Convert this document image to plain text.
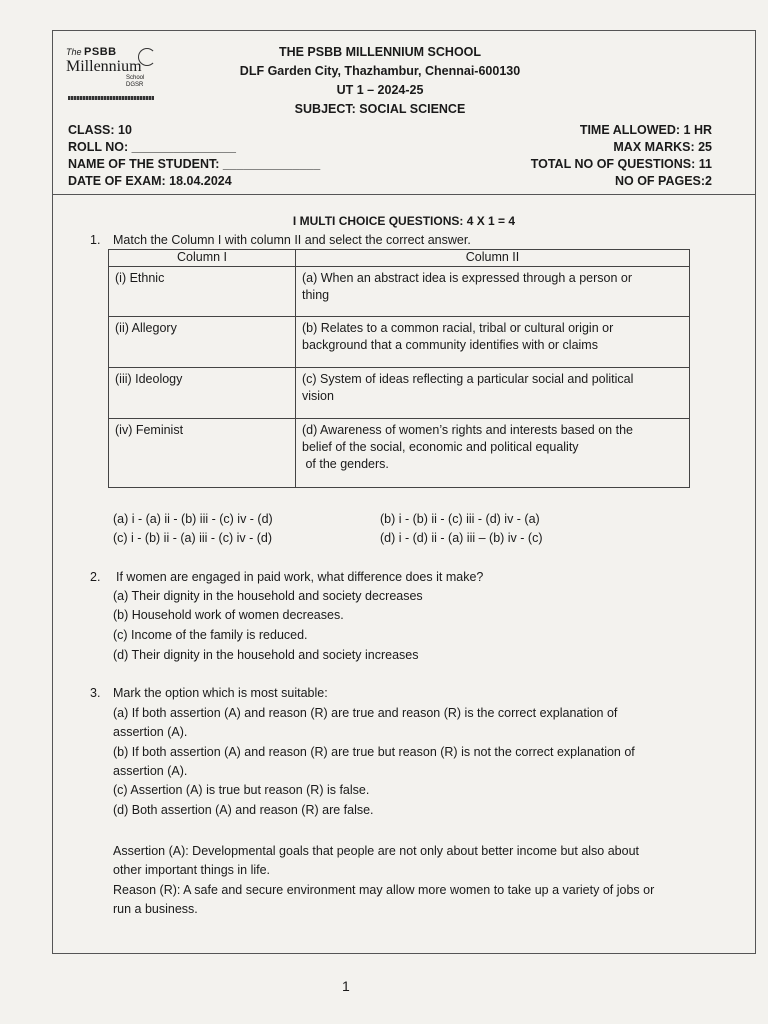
The PSBB
Millennium
School
DGSR
THE PSBB MILLENNIUM SCHOOL
DLF Garden City, Thazhambur, Chennai-600130
UT 1 – 2024-25
SUBJECT: SOCIAL SCIENCE
CLASS: 10
ROLL NO: _______________
NAME OF THE STUDENT: ______________
DATE OF EXAM: 18.04.2024
TIME ALLOWED: 1 HR
MAX MARKS: 25
TOTAL NO OF QUESTIONS: 11
NO OF PAGES:2
I MULTI CHOICE QUESTIONS: 4 X 1 = 4
1. Match the Column I with column II and select the correct answer.
Column I	Column II
(i) Ethnic	(a) When an abstract idea is expressed through a person or
thing

(ii) Allegory	(b) Relates to a common racial, tribal or cultural origin or
background that a community identifies with or claims

(iii) Ideology	(c) System of ideas reflecting a particular social and political
vision

(iv) Feminist	(d) Awareness of women’s rights and interests based on the
belief of the social, economic and political equality
of the genders.
(a) i - (a) ii - (b) iii - (c) iv - (d)	(b) i - (b) ii - (c) iii - (d) iv - (a)
(c) i - (b) ii - (a) iii - (c) iv - (d)	(d) i - (d) ii - (a) iii – (b) iv - (c)
2. If women are engaged in paid work, what difference does it make?
(a) Their dignity in the household and society decreases
(b) Household work of women decreases.
(c) Income of the family is reduced.
(d) Their dignity in the household and society increases
3. Mark the option which is most suitable:
(a) If both assertion (A) and reason (R) are true and reason (R) is the correct explanation of
assertion (A).
(b) If both assertion (A) and reason (R) are true but reason (R) is not the correct explanation of
assertion (A).
(c) Assertion (A) is true but reason (R) is false.
(d) Both assertion (A) and reason (R) are false.
Assertion (A): Developmental goals that people are not only about better income but also about
other important things in life.
Reason (R): A safe and secure environment may allow more women to take up a variety of jobs or
run a business.
1
